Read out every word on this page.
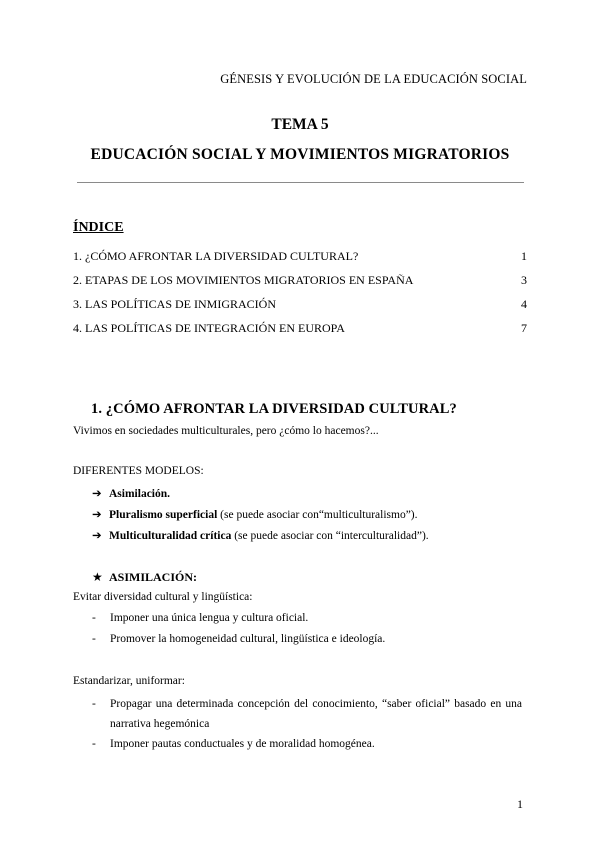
GÉNESIS Y EVOLUCIÓN DE LA EDUCACIÓN SOCIAL
TEMA 5
EDUCACIÓN SOCIAL Y MOVIMIENTOS MIGRATORIOS
ÍNDICE
1. ¿CÓMO AFRONTAR LA DIVERSIDAD CULTURAL?	1
2. ETAPAS DE LOS MOVIMIENTOS MIGRATORIOS EN ESPAÑA	3
3. LAS POLÍTICAS DE INMIGRACIÓN	4
4. LAS POLÍTICAS DE INTEGRACIÓN EN EUROPA	7
1. ¿CÓMO AFRONTAR LA DIVERSIDAD CULTURAL?
Vivimos en sociedades multiculturales, pero ¿cómo lo hacemos?...
DIFERENTES MODELOS:
➔ Asimilación.
➔ Pluralismo superficial (se puede asociar con“multiculturalismo”).
➔ Multiculturalidad crítica (se puede asociar con “interculturalidad”).
★ ASIMILACIÓN:
Evitar diversidad cultural y lingüística:
- Imponer una única lengua y cultura oficial.
- Promover la homogeneidad cultural, lingüística e ideología.
Estandarizar, uniformar:
-	Propagar una determinada concepción del conocimiento, “saber oficial” basado en una narrativa hegemónica
- Imponer pautas conductuales y de moralidad homogénea.
1
